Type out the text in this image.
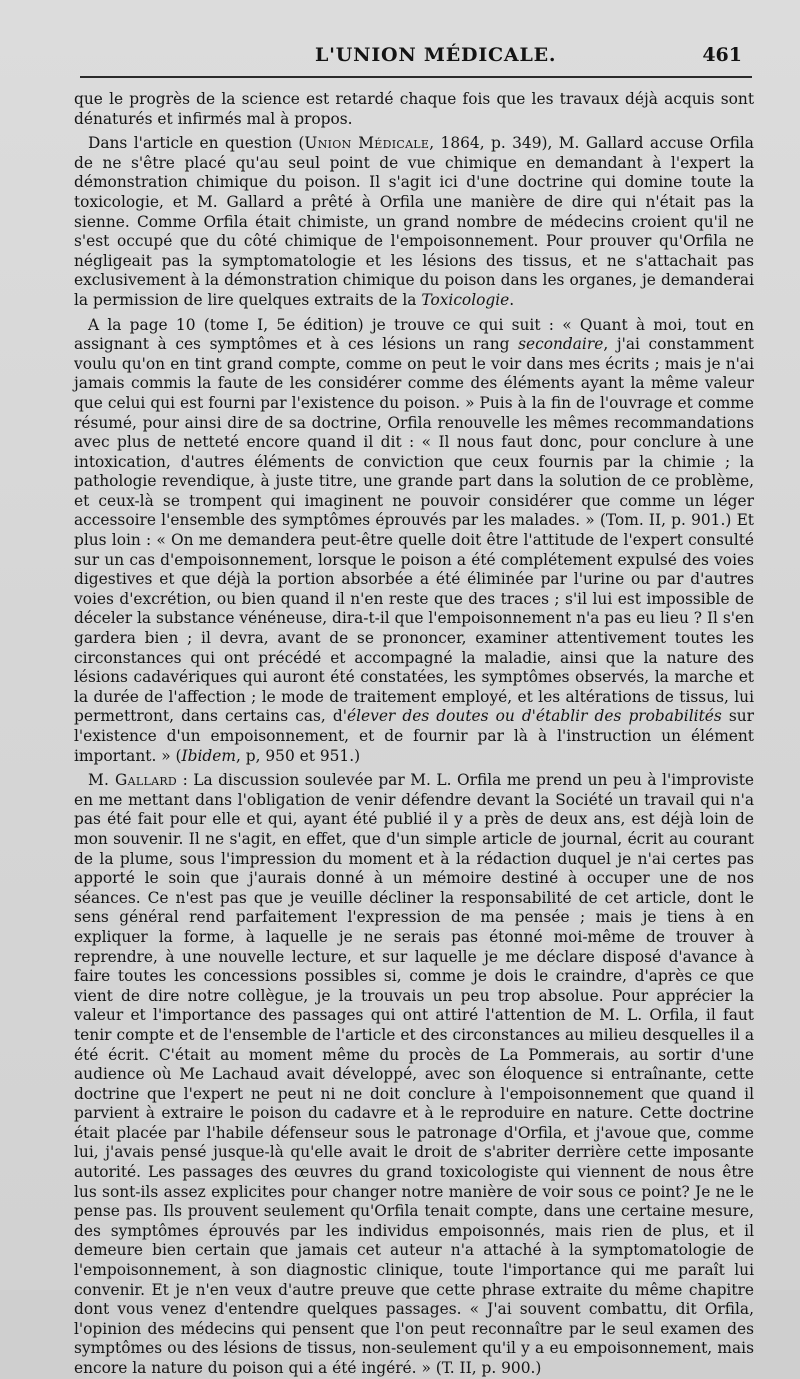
L'UNION MÉDICALE.	461

que le progrès de la science est retardé chaque fois que les travaux déjà acquis sont dénaturés et infirmés mal à propos.

Dans l'article en question (Union Médicale, 1864, p. 349), M. Gallard accuse Orfila de ne s'être placé qu'au seul point de vue chimique en demandant à l'expert la démonstration chimique du poison. Il s'agit ici d'une doctrine qui domine toute la toxicologie, et M. Gallard a prêté à Orfila une manière de dire qui n'était pas la sienne. Comme Orfila était chimiste, un grand nombre de médecins croient qu'il ne s'est occupé que du côté chimique de l'empoisonnement. Pour prouver qu'Orfila ne négligeait pas la symptomatologie et les lésions des tissus, et ne s'attachait pas exclusivement à la démonstration chimique du poison dans les organes, je demanderai la permission de lire quelques extraits de la Toxicologie.

A la page 10 (tome I, 5e édition) je trouve ce qui suit : « Quant à moi, tout en assignant à ces symptômes et à ces lésions un rang secondaire, j'ai constamment voulu qu'on en tint grand compte, comme on peut le voir dans mes écrits ; mais je n'ai jamais commis la faute de les considérer comme des éléments ayant la même valeur que celui qui est fourni par l'existence du poison. » Puis à la fin de l'ouvrage et comme résumé, pour ainsi dire de sa doctrine, Orfila renouvelle les mêmes recommandations avec plus de netteté encore quand il dit : « Il nous faut donc, pour conclure à une intoxication, d'autres éléments de conviction que ceux fournis par la chimie ; la pathologie revendique, à juste titre, une grande part dans la solution de ce problème, et ceux-là se trompent qui imaginent ne pouvoir considérer que comme un léger accessoire l'ensemble des symptômes éprouvés par les malades. » (Tom. II, p. 901.) Et plus loin : « On me demandera peut-être quelle doit être l'attitude de l'expert consulté sur un cas d'empoisonnement, lorsque le poison a été complétement expulsé des voies digestives et que déjà la portion absorbée a été éliminée par l'urine ou par d'autres voies d'excrétion, ou bien quand il n'en reste que des traces ; s'il lui est impossible de déceler la substance vénéneuse, dira-t-il que l'empoisonnement n'a pas eu lieu ? Il s'en gardera bien ; il devra, avant de se prononcer, examiner attentivement toutes les circonstances qui ont précédé et accompagné la maladie, ainsi que la nature des lésions cadavériques qui auront été constatées, les symptômes observés, la marche et la durée de l'affection ; le mode de traitement employé, et les altérations de tissus, lui permettront, dans certains cas, d'élever des doutes ou d'établir des probabilités sur l'existence d'un empoisonnement, et de fournir par là à l'instruction un élément important. » (Ibidem, p, 950 et 951.)

M. Gallard : La discussion soulevée par M. L. Orfila me prend un peu à l'improviste en me mettant dans l'obligation de venir défendre devant la Société un travail qui n'a pas été fait pour elle et qui, ayant été publié il y a près de deux ans, est déjà loin de mon souvenir. Il ne s'agit, en effet, que d'un simple article de journal, écrit au courant de la plume, sous l'impression du moment et à la rédaction duquel je n'ai certes pas apporté le soin que j'aurais donné à un mémoire destiné à occuper une de nos séances. Ce n'est pas que je veuille décliner la responsabilité de cet article, dont le sens général rend parfaitement l'expression de ma pensée ; mais je tiens à en expliquer la forme, à laquelle je ne serais pas étonné moi-même de trouver à reprendre, à une nouvelle lecture, et sur laquelle je me déclare disposé d'avance à faire toutes les concessions possibles si, comme je dois le craindre, d'après ce que vient de dire notre collègue, je la trouvais un peu trop absolue. Pour apprécier la valeur et l'importance des passages qui ont attiré l'attention de M. L. Orfila, il faut tenir compte et de l'ensemble de l'article et des circonstances au milieu desquelles il a été écrit. C'était au moment même du procès de La Pommerais, au sortir d'une audience où Me Lachaud avait développé, avec son éloquence si entraînante, cette doctrine que l'expert ne peut ni ne doit conclure à l'empoisonnement que quand il parvient à extraire le poison du cadavre et à le reproduire en nature. Cette doctrine était placée par l'habile défenseur sous le patronage d'Orfila, et j'avoue que, comme lui, j'avais pensé jusque-là qu'elle avait le droit de s'abriter derrière cette imposante autorité. Les passages des œuvres du grand toxicologiste qui viennent de nous être lus sont-ils assez explicites pour changer notre manière de voir sous ce point? Je ne le pense pas. Ils prouvent seulement qu'Orfila tenait compte, dans une certaine mesure, des symptômes éprouvés par les individus empoisonnés, mais rien de plus, et il demeure bien certain que jamais cet auteur n'a attaché à la symptomatologie de l'empoisonnement, à son diagnostic clinique, toute l'importance qui me paraît lui convenir. Et je n'en veux d'autre preuve que cette phrase extraite du même chapitre dont vous venez d'entendre quelques passages. « J'ai souvent combattu, dit Orfila, l'opinion des médecins qui pensent que l'on peut reconnaître par le seul examen des symptômes ou des lésions de tissus, non-seulement qu'il y a eu empoisonnement, mais encore la nature du poison qui a été ingéré. » (T. II, p. 900.)
